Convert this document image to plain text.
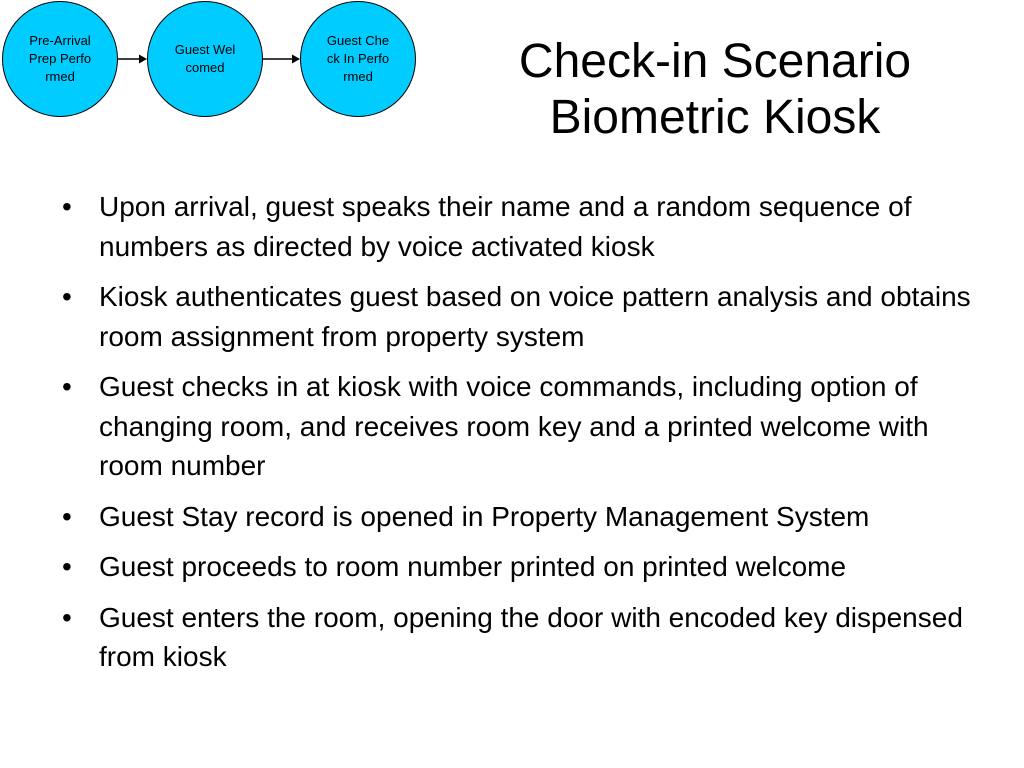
Pre-Arrival Prep Performed
Guest Welcomed
Guest Check In Performed	Check-in Scenario
Biometric Kiosk
• Upon arrival, guest speaks their name and a random sequence of numbers as directed by voice activated kiosk
• Kiosk authenticates guest based on voice pattern analysis and obtains room assignment from property system
• Guest checks in at kiosk with voice commands, including option of changing room, and receives room key and a printed welcome with room number
• Guest Stay record is opened in Property Management System
• Guest proceeds to room number printed on printed welcome
• Guest enters the room, opening the door with encoded key dispensed from kiosk
